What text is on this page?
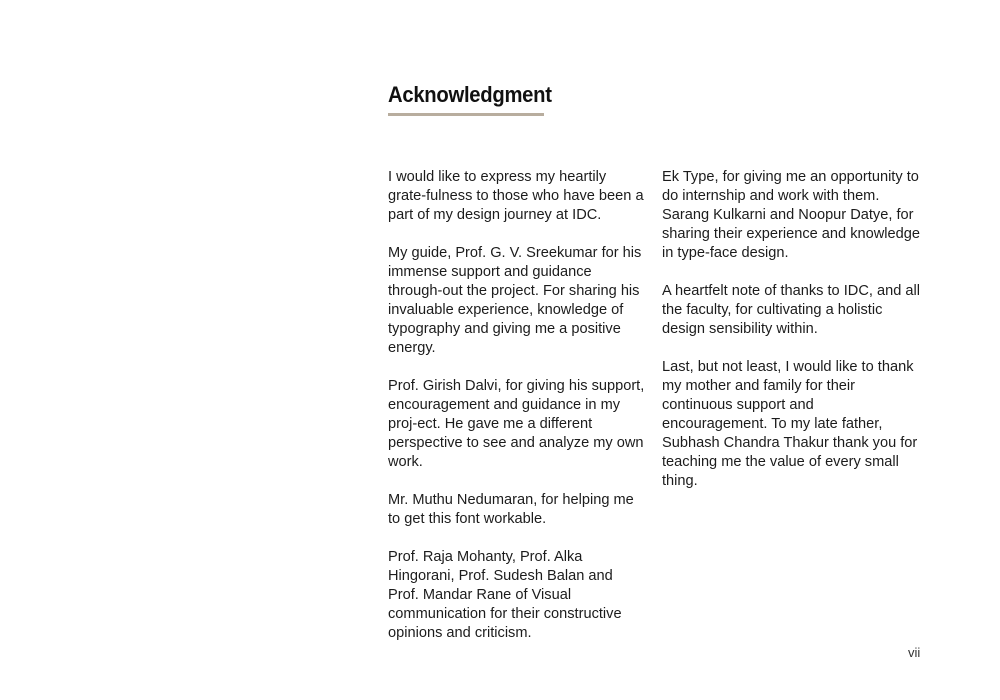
Acknowledgment

I would like to express my heartily grate-fulness to those who have been a part of my design journey at IDC.

My guide, Prof. G. V. Sreekumar for his immense support and guidance through-out the project. For sharing his invaluable experience, knowledge of typography and giving me a positive energy.

Prof. Girish Dalvi, for giving his support, encouragement and guidance in my proj-ect. He gave me a different perspective to see and analyze my own work.

Mr. Muthu Nedumaran, for helping me to get this font workable.

Prof. Raja Mohanty, Prof. Alka Hingorani, Prof. Sudesh Balan and Prof. Mandar Rane of Visual communication for their constructive opinions and criticism.

Ek Type, for giving me an opportunity to do internship and work with them. Sarang Kulkarni and Noopur Datye, for sharing their experience and knowledge in type-face design.

A heartfelt note of thanks to IDC, and all the faculty, for cultivating a holistic design sensibility within.

Last, but not least, I would like to thank my mother and family for their continuous support and encouragement. To my late father, Subhash Chandra Thakur thank you for teaching me the value of every small thing.

vii
